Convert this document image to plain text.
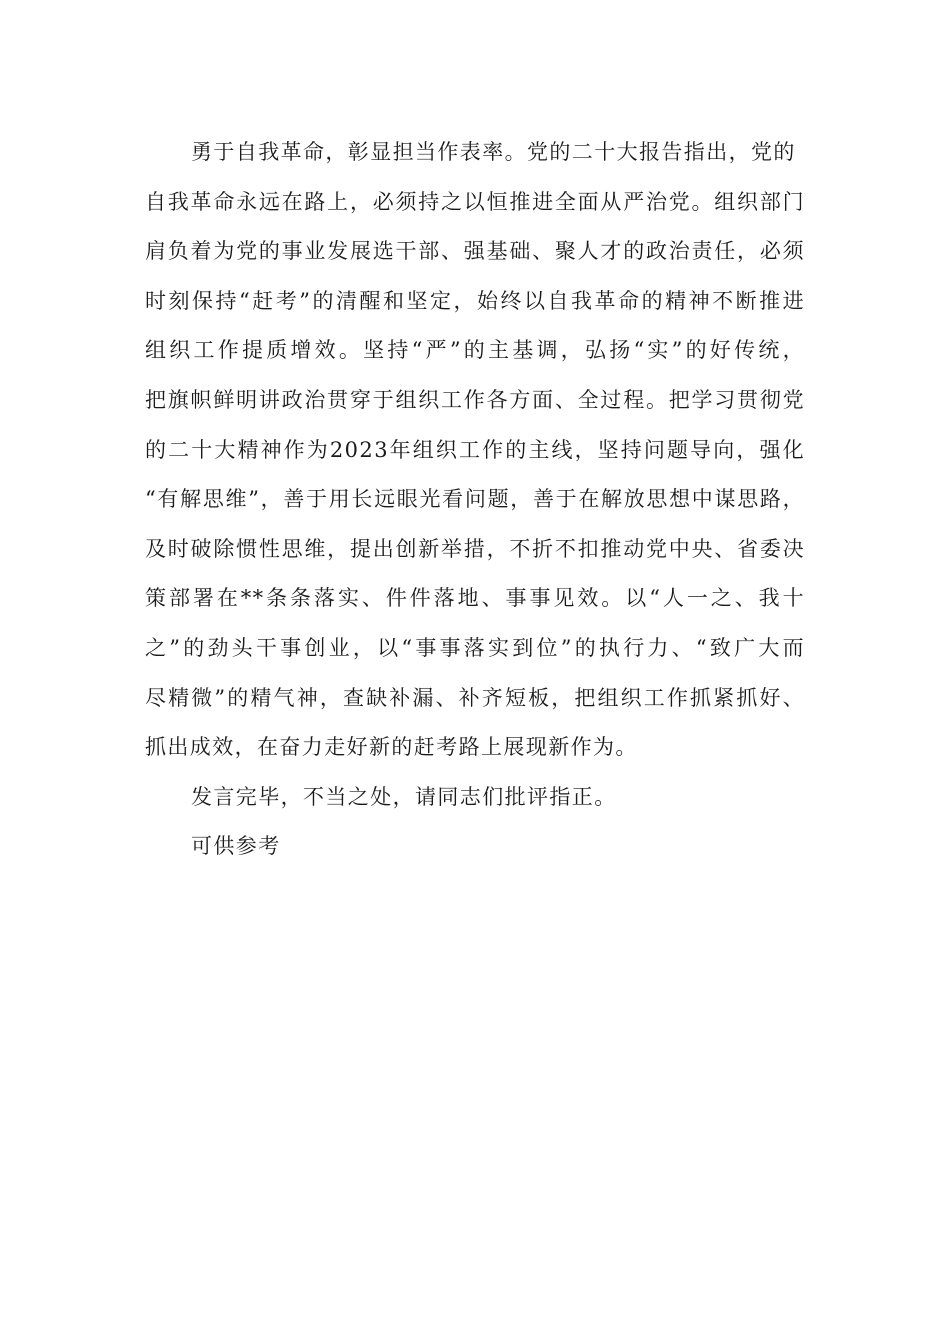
勇于自我革命，彰显担当作表率。党的二十大报告指出，党的
自我革命永远在路上，必须持之以恒推进全面从严治党。组织部门
肩负着为党的事业发展选干部、强基础、聚人才的政治责任，必须
时刻保持“赶考”的清醒和坚定，始终以自我革命的精神不断推进
组织工作提质增效。坚持“严”的主基调，弘扬“实”的好传统，
把旗帜鲜明讲政治贯穿于组织工作各方面、全过程。把学习贯彻党
的二十大精神作为2023年组织工作的主线，坚持问题导向，强化
“有解思维”，善于用长远眼光看问题，善于在解放思想中谋思路，
及时破除惯性思维，提出创新举措，不折不扣推动党中央、省委决
策部署在**条条落实、件件落地、事事见效。以“人一之、我十
之”的劲头干事创业，以“事事落实到位”的执行力、“致广大而
尽精微”的精气神，查缺补漏、补齐短板，把组织工作抓紧抓好、
抓出成效，在奋力走好新的赶考路上展现新作为。
发言完毕，不当之处，请同志们批评指正。
可供参考
